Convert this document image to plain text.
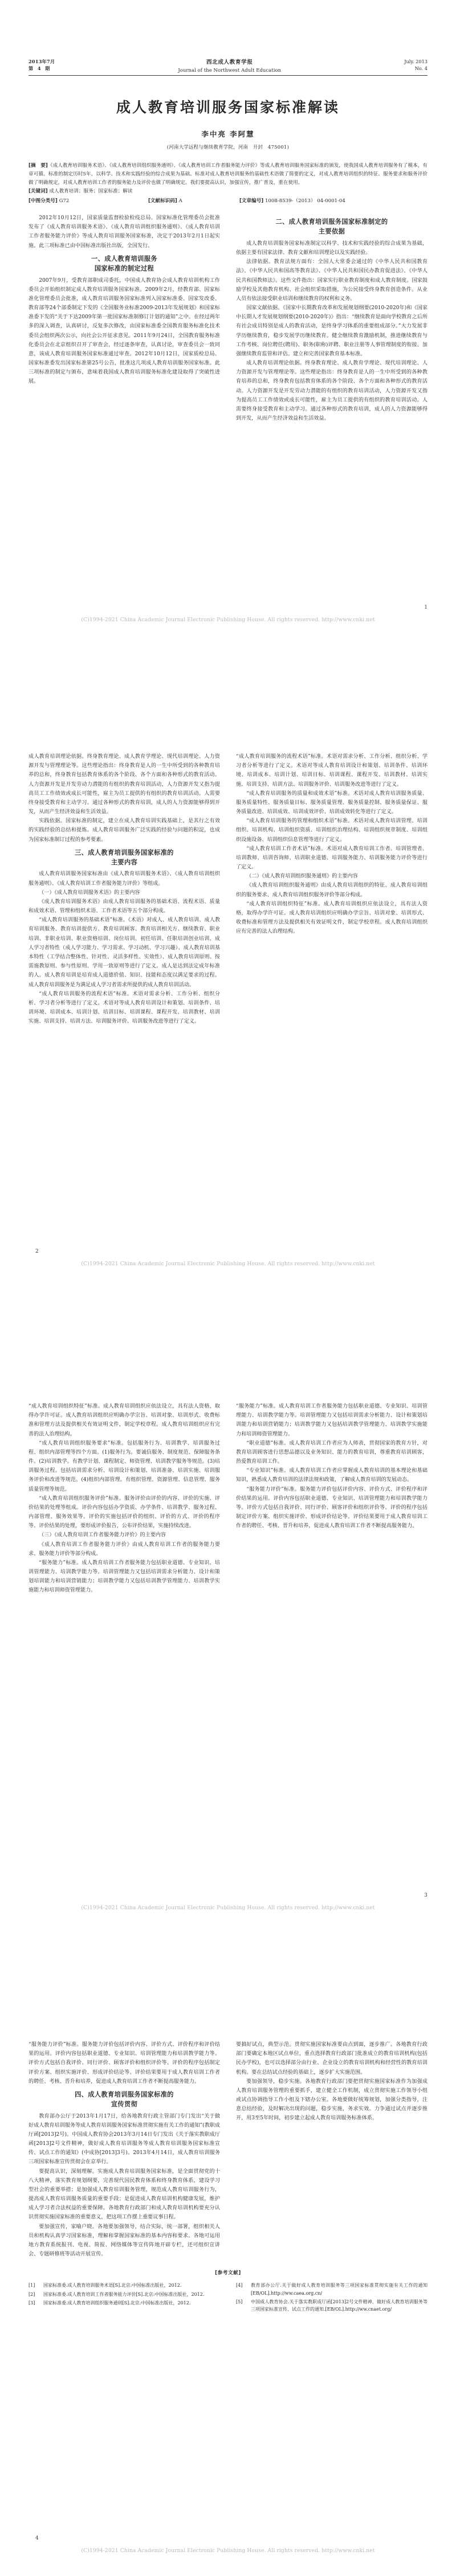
2013年7月
第 4 期
西北成人教育学报
Journal of the Northwest Adult Education
July. 2013
No. 4
成人教育培训服务国家标准解读
李中亮 李阿慧
(河南大学远程与继续教育学院，河南　开封　475001)
[摘　要]《成人教育培训服务术语》、《成人教育培训组织服务通则》、《成人教育培训工作者服务能力评价》等成人教育培训服务国家标准的颁发，使我国成人教育培训服务有了模本，有章可循。标准的制定历时5年，以科学、技术和实践经验的综合成果为基础。标准对成人教育培训服务的基础性术语做了简要的定义，对成人教育培训组织的特征、服务要求和服务评价做了明确规定，对成人教育培训工作者的服务能力及评价也做了明确规定。我们要提高认识，加强宣传，推广普及，重在使用。
[关键词] 成人教育培训；服务；国家标准；解读
[中图分类号] G72	[文献标识码] A	[文章编号] 1008-8539-（2013） 04-0001-04

2012年10月12日，国家质量监督检验检疫总局、国家标准化管理委员会批准发布了《成人教育培训服务术语》、《成人教育培训组织服务通则》、《成人教育培训工作者服务能力评价》等成人教育培训服务国家标准，决定于2013年2月1日起实施。此三项标准已由中国标准出版社出版，全国发行。

一、成人教育培训服务
国家标准的制定过程

2007年9月，受教育部职成司委托，中国成人教育协会成人教育培训机构工作委员会开始组织制定成人教育培训服务国家标准。2009年2月，经教育部、国家标准化管理委员会批准，成人教育培训服务国家标准列入国家标准委、国家发改委、教育部等24个部委制定下发的《全国服务业标准2009-2013年发展规划》和国家标准委下发的“关于下达2009年第一批国家标准制修订计划的通知”之中。在经过两年多的深入调查，认真研讨，反复多次修改，由国家标准委全国教育服务标准化技术委员会组织两次公示，向社会公开征求意见。2011年9月24日，全国教育服务标准化委员会在北京组织召开了审查会，经过逐条审查，认真讨论，审查委员会一致同意，该成人教育培训服务国家标准通过审查。2012年10月12日，国家质检总局、国家标准委发出国家标准第25号公告，批准这几项成人教育培训服务国家标准。此三项标准的制定与颁布，意味着我国成人教育培训服务标准化建设取得了突破性进展。

二、成人教育培训服务国家标准制定的
主要依据

成人教育培训服务国家标准制定以科学、技术和实践经验的综合成果为基础，依据主要有国家法律、教育文献和培训理论以及实践经验。

法律依据。教育法规方面有：全国人大常委会通过的《中华人民共和国教育法》、《中华人民共和国高等教育法》、《中华人民共和国民办教育促进法》、《中华人民共和国教师法》。这些文件指出：国家实行职业教育制度和成人教育制度。国家鼓励学校及其他教育机构、社会组织采取措施，为公民接受终身教育创造条件。从业人员有依法接受职业培训和继续教育的权利和义务。

国家文献依据。《国家中长期教育改革和发展规划纲要(2010-2020年)和《国家中长期人才发展规划纲要(2010-2020年)》指出：“继续教育是面向学校教育之后所有社会成员特别是成人的教育活动，是终身学习体系的重要组成部分。”大力发展非学历继续教育，稳步发展学历继续教育。健全继续教育激励机制，推进继续教育与工作考核、岗位聘任(聘用)、职务(职称)评聘、职业注册等人事管理制度的衔接。加强继续教育监管和评估。建立和完善国家教育基本标准。

成人教育培训理论依据。终身教育理论、成人教育学理论、现代培训理论、人力资源开发与管理理论等。这些理论指出：终身教育是人的一生中所受到的各种教育培养的总和，终身教育包括教育体系的各个阶段、各个方面和各种形式的教育活动。人力资源开发是开发劳动力潜能的有组织的教育培训活动，人力资源开发又指为提高员工工作绩效或成长可能性，雇主为员工提供的有组织的教育培训活动。人需要终身接受教育和主动学习。通过各种形式的教育培训，成人的人力资源能够得到开发，从而产生经济效益和生活效益。

1
(C)1994-2021 China Academic Journal Electronic Publishing House. All rights reserved. http://www.cnki.net

成人教育培训理论依据。终身教育理论、成人教育学理论、现代培训理论、人力资源开发与管理理论等。这些理论指出：终身教育是人的一生中所受到的各种教育培养的总和，终身教育包括教育体系的各个阶段、各个方面和各种形式的教育活动。人力资源开发是开发劳动力潜能的有组织的教育培训活动，人力资源开发又指为提高员工工作绩效或成长可能性，雇主为员工提供的有组织的教育培训活动。人需要终身接受教育和主动学习。通过各种形式的教育培训，成人的人力资源能够得到开发，从而产生经济效益和生活效益。

实践依据。国家标准的制定，建立在成人教育培训实践基础上，是其行之有效的实践经验的总结和提炼。成人教育培训服务广泛实践的经验与问题的积淀，也成为国家标准制订过程的参考要素。

三、成人教育培训服务国家标准的
主要内容

成人教育培训服务国家标准由《成人教育培训服务术语》、《成人教育培训组织服务通则》、《成人教育培训工作者服务能力评价》等组成。

（一）《成人教育培训服务术语》的主要内容

《成人教育培训服务术语》由成人教育培训服务的基础术语、流程术语、质量和成效术语、管理和组织术语、工作者术语等五个部分构成。

“成人教育培训服务的基础术语”标准。《术语》对成人、成人教育培训、成人教育培训服务、教育培训提供方、教育培训顾客、教育培训相关方、继续教育、职业培训、非职业培训、职业资格培训、岗位培训、初任培训、任职培训创业培训、成人学习者特性（成人学习能力、学习需求、学习动机、学习兴趣）、成人教育培训基本特性（工学结合整体性、针对性、灵活多样性、实效性）、成人教育培训原则、按需施教原则、参与性原则、学用一致原则等进行了定义。成人是达到法定成年标准的人。成人教育培训是培育成人道德价值、知识、技能和态度以满足要求的过程。成人教育培训服务是为满足成人学习者需求所提供的成人教育培训活动。

“成人教育培训服务的流程术语”标准。术语对需求分析、工作分析、组织分析、学习者分析等进行了定义。术语对等成人教育培训设计和策划、培训条件、培训环境、培训成本、培训计划、培训目标、培训课程、课程开发、培训教材、培训实施、培训支持、培训方法、培训服务评价、培训服务改进等进行了定义。

“成人教育培训服务的流程术语”标准。术语对需求分析、工作分析、组织分析、学习者分析等进行了定义。术语对等成人教育培训设计和策划、培训条件、培训环境、培训成本、培训计划、培训目标、培训课程、课程开发、培训教材、培训实施、培训支持、培训方法、培训服务评价、培训服务改进等进行了定义。

“成人教育培训服务的质量和成效术语”标准。术语对成人教育培训服务质量、服务质量特性、服务质量目标、服务质量管理、服务质量控制、服务质量保证、服务质量改进、培训成效、培训成效评价、培训成效转化等进行了定义。

“成人教育培训服务的管理和组织术语”标准。术语对成人教育培训管理、培训组织、培训机构、培训组织资质、培训组织治理结构、培训组织规章制度、培训组织设施设备、培训组织信息管理等进行了定义。

“成人教育培训工作者术语”标准。术语对成人教育培训工作者、培训管理者、培训教师、培训咨询师、培训职业道德、培训服务能力、培训服务能力评价等进行了定义。

（二）《成人教育培训组织服务通则》的主要内容

《成人教育培训组织服务通则》由成人教育培训组织的特征、成人教育培训组织的服务要求、成人教育培训组织服务评价等部分构成。

“成人教育培训组织特征”标准。成人教育培训组织应依法设立，具有法人资格，取得办学许可证。成人教育培训组织应明确办学宗旨、培训对象、培训形式、收费标准和管理方法及提供相关有效证明文件，制定学校章程。成人教育培训组织应有完善的法人治理结构。

2
(C)1994-2021 China Academic Journal Electronic Publishing House. All rights reserved. http://www.cnki.net

“成人教育培训组织特征”标准。成人教育培训组织应依法设立，具有法人资格，取得办学许可证。成人教育培训组织应明确办学宗旨、培训对象、培训形式、收费标准和管理方法及提供相关有效证明文件，制定学校章程。成人教育培训组织应有完善的法人治理结构。

“成人教育培训组织服务要求”标准。包括服务行为、培训教学、培训服务过程、组织内部管理等四个方面。(1)服务行为。要诚信服务、制度规范、保障服务条件。(2)培训教学。有教学计划、课程制定、师资管理、培训教学服务等规范。(3)培训服务过程。包括培训需求分析、培训设计和策划、培训准备、培训实施、培训服务评价和改进等规范。(4)组织内部管理。有组织管理、资源管理、信息管理、服务质量管理等规范。

“成人教育培训组织服务评价”标准。服务评价由评价的内容、评价的实施、评价结果的处理等组成。评价内容包括办学资质、办学条件、培训教学、服务过程、内部管理、服务效果等。评价的实施包括评价的组织、评价的方式、评价的程序等。评价结果的处理，要形成评价报告，公布评价结果，实施持续改进。

（三）《成人教育培训工作者服务能力评价》的主要内容

《成人教育培训工作者服务能力评价》由成人教育培训工作者的服务能力要求、服务能力评价等部分构成。

“服务能力”标准。成人教育培训工作者服务能力包括职业道德、专业知识、培训管理能力、培训教学能力等。培训管理能力又包括培训需求分析能力、设计和策划培训能力和培训营销能力；培训教学能力又包括培训教学管理能力、培训教学实施能力和培训师资管理能力。

“服务能力”标准。成人教育培训工作者服务能力包括职业道德、专业知识、培训管理能力、培训教学能力等。培训管理能力又包括培训需求分析能力、设计和策划培训能力和培训营销能力；培训教学能力又包括培训教学管理能力、培训教学实施能力和培训师资管理能力。

“职业道德”标准。成人教育培训工作者应为人师表，贯彻国家的教育方针，对教育培训顾客进行思想品德以及业务知识、能力的教育培训，尊重教育培训顾客，热爱教育培训工作。

“专业知识”标准。成人教育培训工作者应掌握成人教育培训的基本理论和基础知识，熟悉成人教育培训的法律法规和政策，了解成人教育培训的发展动态。

“服务能力评价”标准。服务能力评价包括评价内容、评价方式、评价程序和评价结果的运用。评价内容包括职业道德、专业知识、培训管理能力和培训教学能力等。评价方式包括自我评价、同行评价、顾客评价和组织评价等。评价的程序包括制定评价方案、组织实施评价、形成评价结论等。评价结果要用于成人教育培训工作者的聘任、考核、晋升和培养，促进成人教育培训工作者不断提高服务能力。

3
(C)1994-2021 China Academic Journal Electronic Publishing House. All rights reserved. http://www.cnki.net

“服务能力评价”标准。服务能力评价包括评价内容、评价方式、评价程序和评价结果的运用。评价内容包括职业道德、专业知识、培训管理能力和培训教学能力等。评价方式包括自我评价、同行评价、顾客评价和组织评价等。评价的程序包括制定评价方案、组织实施评价、形成评价结论等。评价结果要用于成人教育培训工作者的聘任、考核、晋升和培养，促进成人教育培训工作者不断提高服务能力。

四、成人教育培训服务国家标准的
宣传贯彻

教育部办公厅于2013年1月17日，给各地教育行政主管部门专门发出“关于做好成人教育培训服务等成人教育培训服务国家标准贯彻实施有关工作的通知”(教职成厅函[2013]2号)。中国成人教育协会2013年3月14日专门发出《关于落实教职成厅函[2013]2号文件精神，做好成人教育培训服务等成人教育培训服务国家标准宣传、试点工作的通知》(中成协[2013]3号)。2013年4月14日，成人教育培训服务三项国家标准宣传贯彻会在京举行。

要提高认识，深刻理解。实施成人教育培训服务国家标准，是全面贯彻党的十八大精神，落实教育规划纲要，完善现代国民教育体系和终身教育体系，建设学习型社会的重要举措；是加强成人教育培训服务管理，规范成人教育培训服务行为，提高成人教育培训服务质量的重要手段；是促进成人教育培训机构健康发展，维护成人学习者合法权益的重要保障。各地教育行政部门和成人教育培训机构要充分认识贯彻实施国家标准的重要意义，把这项工作摆上重要议事日程。

要加强宣传，家喻户晓。各地要加强领导，结合实际，统一部署，组织相关人员和机构认真学习国家标准，理解和掌握国家标准的基本内容和要求。各地可运用地方教育系统报刊、电视、简报、网络媒体等宣传阵地开辟专栏，还可组织宣讲会、专题研修班等活动开展宣传。

要搞好试点，典型示范。贯彻实施国家标准要由点到面，逐步推广。各地教育行政部门要确定本地区试点单位，重点选择教育行政部门批准成立的教育培训机构(包括民办学校)，也可以选择部分由行业、企业设立的教育培训机构和经营性的教育培训机构。要在总结试点经验的基础上，逐步扩大实施范围。

要加强领导，稳步实施。各地教育行政部门要把贯彻实施国家标准作为加强成人教育培训服务管理的重要抓手，建立健全工作机制，成立贯彻实施工作领导小组或试点协调指导工作小组及下辖办公室。各地要做好统筹规划，加强分类指导，注意总结经验，及时解决出现的问题，稳步实施，务求实效。力争通过试点并逐步推开，用3至5年时间，初步建立起成人教育培训服务标准体系。

[参考文献]
[1]	国家标准委.成人教育培训服务术语[S].北京:中国标准出版社，2012.
[2]	国家标准委.成人教育培训工作者服务能力评价[S].北京:中国标准出版社，2012.
[3]	国家标准委.成人教育培训组织服务通则[S].北京:中国标准出版社，2012.
[4]	教育部办公厅.关于做好成人教育培训服务等三项国家标准贯彻实施有关工作的通知[EB/OL].http://ww.caea.org.cn/
[5]	中国成人教育协会.关于落实教职成厅函[2013]2号文件精神，做好成人教育培训服务等三项国家标准宣传、试点工作的通知.[EB/OL].http://ww.cnaet.org/
4
(C)1994-2021 China Academic Journal Electronic Publishing House. All rights reserved. http://www.cnki.net
